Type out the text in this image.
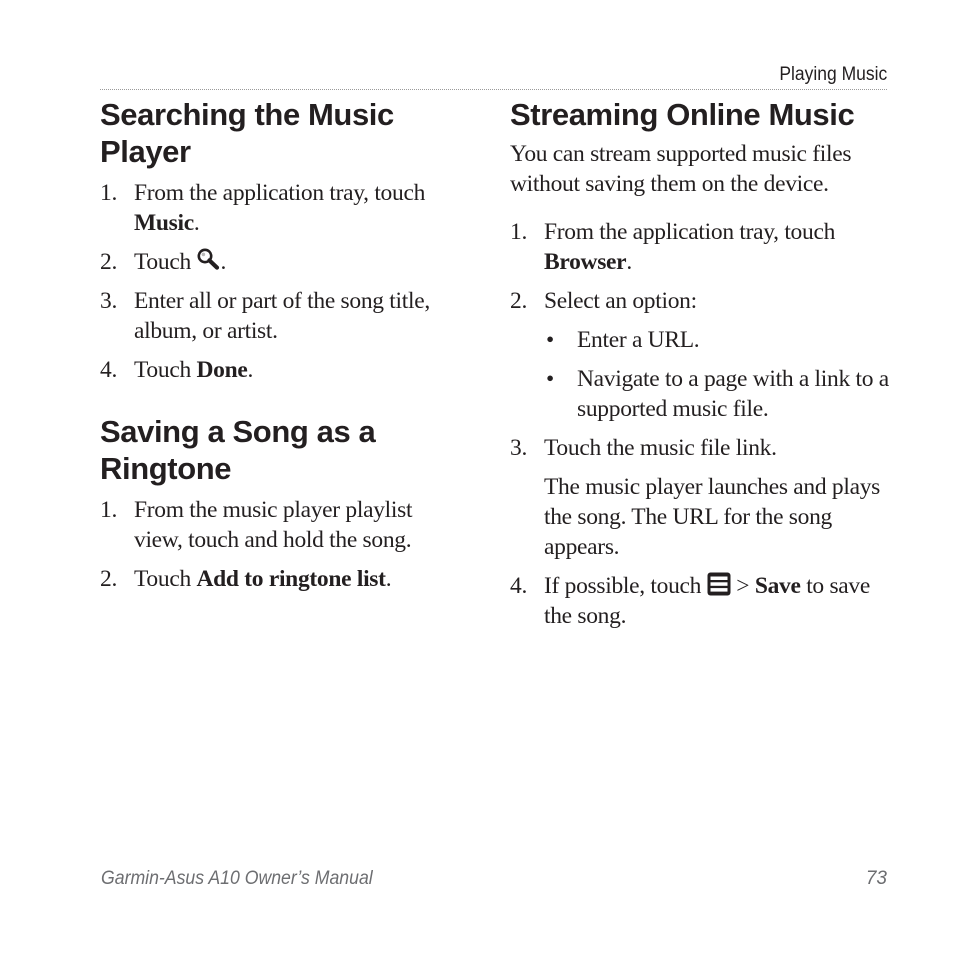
Playing Music
Searching the Music Player
1. From the application tray, touch Music.
2. Touch .
3. Enter all or part of the song title, album, or artist.
4. Touch Done.
Saving a Song as a Ringtone
1. From the music player playlist view, touch and hold the song.
2. Touch Add to ringtone list.
Streaming Online Music

You can stream supported music files without saving them on the device.

1. From the application tray, touch Browser.
2. Select an option:
• Enter a URL.
• Navigate to a page with a link to a supported music file.
3. Touch the music file link.
The music player launches and plays the song. The URL for the song appears.
4. If possible, touch  > Save to save the song.
Garmin-Asus A10 Owner’s Manual	73
